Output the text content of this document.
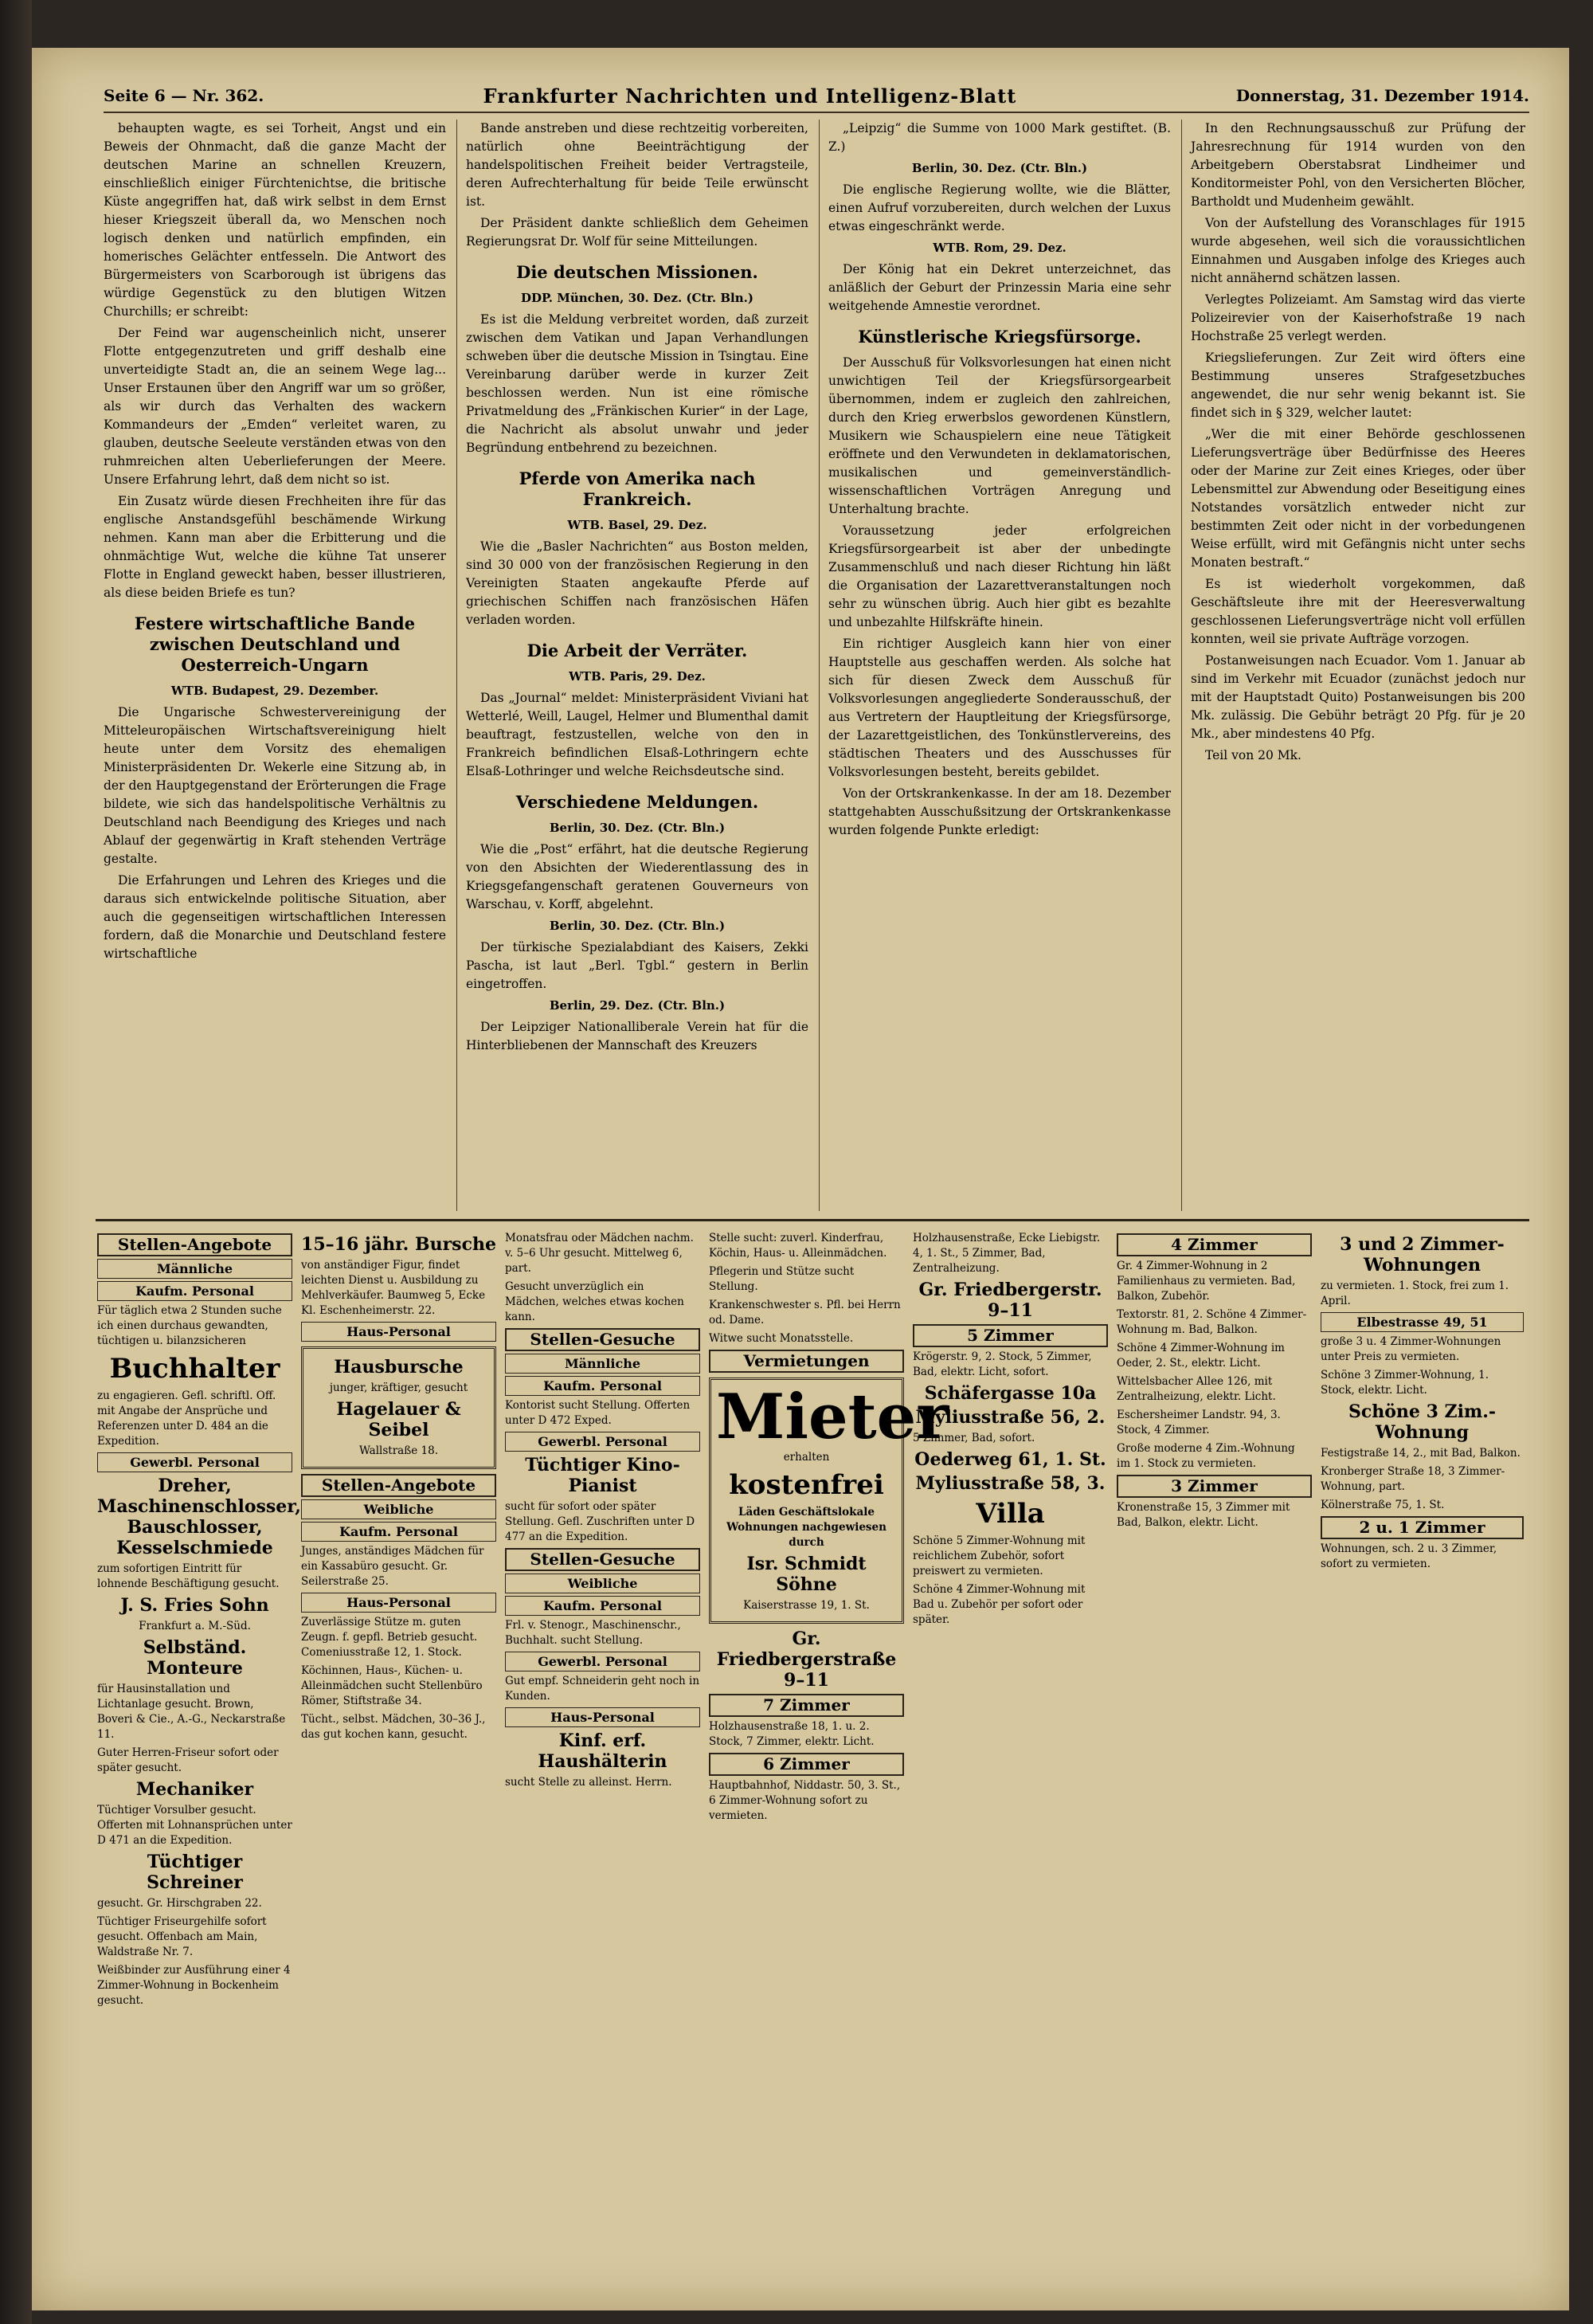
Seite 6 — Nr. 362.	Frankfurter Nachrichten und Intelligenz-Blatt	Donnerstag, 31. Dezember 1914.

behaupten wagte, es sei Torheit, Angst und ein Beweis der Ohnmacht, daß die ganze Macht der deutschen Marine an schnellen Kreuzern, einschließlich einiger Fürchtenichtse, die britische Küste angegriffen hat, daß wirk selbst in dem Ernst hieser Kriegszeit überall da, wo Menschen noch logisch denken und natürlich empfinden, ein homerisches Gelächter entfesseln. Die Antwort des Bürgermeisters von Scarborough ist übrigens das würdige Gegenstück zu den blutigen Witzen Churchills; er schreibt:

Der Feind war augenscheinlich nicht, unserer Flotte entgegenzutreten und griff deshalb eine unverteidigte Stadt an, die an seinem Wege lag... Unser Erstaunen über den Angriff war um so größer, als wir durch das Verhalten des wackern Kommandeurs der „Emden“ verleitet waren, zu glauben, deutsche Seeleute verständen etwas von den ruhmreichen alten Ueberlieferungen der Meere. Unsere Erfahrung lehrt, daß dem nicht so ist.

Ein Zusatz würde diesen Frechheiten ihre für das englische Anstandsgefühl beschämende Wirkung nehmen. Kann man aber die Erbitterung und die ohnmächtige Wut, welche die kühne Tat unserer Flotte in England geweckt haben, besser illustrieren, als diese beiden Briefe es tun?

Festere wirtschaftliche Bande zwischen Deutschland und Oesterreich-Ungarn
WTB. Budapest, 29. Dezember.

Die Ungarische Schwestervereinigung der Mitteleuropäischen Wirtschaftsvereinigung hielt heute unter dem Vorsitz des ehemaligen Ministerpräsidenten Dr. Wekerle eine Sitzung ab, in der den Hauptgegenstand der Erörterungen die Frage bildete, wie sich das handelspolitische Verhältnis zu Deutschland nach Beendigung des Krieges und nach Ablauf der gegenwärtig in Kraft stehenden Verträge gestalte.

Die Erfahrungen und Lehren des Krieges und die daraus sich entwickelnde politische Situation, aber auch die gegenseitigen wirtschaftlichen Interessen fordern, daß die Monarchie und Deutschland festere wirtschaftliche

Bande anstreben und diese rechtzeitig vorbereiten, natürlich ohne Beeinträchtigung der handelspolitischen Freiheit beider Vertragsteile, deren Aufrechterhaltung für beide Teile erwünscht ist.

Der Präsident dankte schließlich dem Geheimen Regierungsrat Dr. Wolf für seine Mitteilungen.

Die deutschen Missionen.
DDP. München, 30. Dez. (Ctr. Bln.)

Es ist die Meldung verbreitet worden, daß zurzeit zwischen dem Vatikan und Japan Verhandlungen schweben über die deutsche Mission in Tsingtau. Eine Vereinbarung darüber werde in kurzer Zeit beschlossen werden. Nun ist eine römische Privatmeldung des „Fränkischen Kurier“ in der Lage, die Nachricht als absolut unwahr und jeder Begründung entbehrend zu bezeichnen.

Pferde von Amerika nach Frankreich.
WTB. Basel, 29. Dez.

Wie die „Basler Nachrichten“ aus Boston melden, sind 30 000 von der französischen Regierung in den Vereinigten Staaten angekaufte Pferde auf griechischen Schiffen nach französischen Häfen verladen worden.

Die Arbeit der Verräter.
WTB. Paris, 29. Dez.

Das „Journal“ meldet: Ministerpräsident Viviani hat Wetterlé, Weill, Laugel, Helmer und Blumenthal damit beauftragt, festzustellen, welche von den in Frankreich befindlichen Elsaß-Lothringern echte Elsaß-Lothringer und welche Reichsdeutsche sind.

Verschiedene Meldungen.
Berlin, 30. Dez. (Ctr. Bln.)

Wie die „Post“ erfährt, hat die deutsche Regierung von den Absichten der Wiederentlassung des in Kriegsgefangenschaft geratenen Gouverneurs von Warschau, v. Korff, abgelehnt.

Berlin, 30. Dez. (Ctr. Bln.)

Der türkische Spezialabdiant des Kaisers, Zekki Pascha, ist laut „Berl. Tgbl.“ gestern in Berlin eingetroffen.

Berlin, 29. Dez. (Ctr. Bln.)

Der Leipziger Nationalliberale Verein hat für die Hinterbliebenen der Mannschaft des Kreuzers

„Leipzig“ die Summe von 1000 Mark gestiftet. (B. Z.)

Berlin, 30. Dez. (Ctr. Bln.)

Die englische Regierung wollte, wie die Blätter, einen Aufruf vorzubereiten, durch welchen der Luxus etwas eingeschränkt werde.

WTB. Rom, 29. Dez.

Der König hat ein Dekret unterzeichnet, das anläßlich der Geburt der Prinzessin Maria eine sehr weitgehende Amnestie verordnet.

Künstlerische Kriegsfürsorge.

Der Ausschuß für Volksvorlesungen hat einen nicht unwichtigen Teil der Kriegsfürsorgearbeit übernommen, indem er zugleich den zahlreichen, durch den Krieg erwerbslos gewordenen Künstlern, Musikern wie Schauspielern eine neue Tätigkeit eröffnete und den Verwundeten in deklamatorischen, musikalischen und gemeinverständlich-wissenschaftlichen Vorträgen Anregung und Unterhaltung brachte.

Voraussetzung jeder erfolgreichen Kriegsfürsorgearbeit ist aber der unbedingte Zusammenschluß und nach dieser Richtung hin läßt die Organisation der Lazarettveranstaltungen noch sehr zu wünschen übrig. Auch hier gibt es bezahlte und unbezahlte Hilfskräfte hinein.

Ein richtiger Ausgleich kann hier von einer Hauptstelle aus geschaffen werden. Als solche hat sich für diesen Zweck dem Ausschuß für Volksvorlesungen angegliederte Sonderausschuß, der aus Vertretern der Hauptleitung der Kriegsfürsorge, der Lazarettgeistlichen, des Tonkünstlervereins, des städtischen Theaters und des Ausschusses für Volksvorlesungen besteht, bereits gebildet.

Von der Ortskrankenkasse. In der am 18. Dezember stattgehabten Ausschußsitzung der Ortskrankenkasse wurden folgende Punkte erledigt:

In den Rechnungsausschuß zur Prüfung der Jahresrechnung für 1914 wurden von den Arbeitgebern Oberstabsrat Lindheimer und Konditormeister Pohl, von den Versicherten Blöcher, Bartholdt und Mudenheim gewählt.

Von der Aufstellung des Voranschlages für 1915 wurde abgesehen, weil sich die voraussichtlichen Einnahmen und Ausgaben infolge des Krieges auch nicht annähernd schätzen lassen.

Verlegtes Polizeiamt. Am Samstag wird das vierte Polizeirevier von der Kaiserhofstraße 19 nach Hochstraße 25 verlegt werden.

Kriegslieferungen. Zur Zeit wird öfters eine Bestimmung unseres Strafgesetzbuches angewendet, die nur sehr wenig bekannt ist. Sie findet sich in § 329, welcher lautet:

„Wer die mit einer Behörde geschlossenen Lieferungsverträge über Bedürfnisse des Heeres oder der Marine zur Zeit eines Krieges, oder über Lebensmittel zur Abwendung oder Beseitigung eines Notstandes vorsätzlich entweder nicht zur bestimmten Zeit oder nicht in der vorbedungenen Weise erfüllt, wird mit Gefängnis nicht unter sechs Monaten bestraft.“

Es ist wiederholt vorgekommen, daß Geschäftsleute ihre mit der Heeresverwaltung geschlossenen Lieferungsverträge nicht voll erfüllen konnten, weil sie private Aufträge vorzogen.

Postanweisungen nach Ecuador. Vom 1. Januar ab sind im Verkehr mit Ecuador (zunächst jedoch nur mit der Hauptstadt Quito) Postanweisungen bis 200 Mk. zulässig. Die Gebühr beträgt 20 Pfg. für je 20 Mk., aber mindestens 40 Pfg.

Teil von 20 Mk.

Stellen-Angebote
Männliche
Kaufm. Personal

Für täglich etwa 2 Stunden suche ich einen durchaus gewandten, tüchtigen u. bilanzsicheren

Buchhalter

zu engagieren. Gefl. schriftl. Off. mit Angabe der Ansprüche und Referenzen unter D. 484 an die Expedition.

Gewerbl. Personal
Dreher, Maschinenschlosser, Bauschlosser, Kesselschmiede

zum sofortigen Eintritt für lohnende Beschäftigung gesucht.

J. S. Fries Sohn

Frankfurt a. M.-Süd.

Selbständ. Monteure

für Hausinstallation und Lichtanlage gesucht. Brown, Boveri & Cie., A.-G., Neckarstraße 11.

Guter Herren-Friseur sofort oder später gesucht.

Mechaniker

Tüchtiger Vorsulber gesucht. Offerten mit Lohnansprüchen unter D 471 an die Expedition.

Tüchtiger Schreiner

gesucht. Gr. Hirschgraben 22.

Tüchtiger Friseurgehilfe sofort gesucht. Offenbach am Main, Waldstraße Nr. 7.

Weißbinder zur Ausführung einer 4 Zimmer-Wohnung in Bockenheim gesucht.

15–16 jähr. Bursche

von anständiger Figur, findet leichten Dienst u. Ausbildung zu Mehlverkäufer. Baumweg 5, Ecke Kl. Eschenheimerstr. 22.

Haus-Personal
Hausbursche

junger, kräftiger, gesucht

Hagelauer & Seibel

Wallstraße 18.

Stellen-Angebote
Weibliche
Kaufm. Personal

Junges, anständiges Mädchen für ein Kassabüro gesucht. Gr. Seilerstraße 25.

Haus-Personal

Zuverlässige Stütze m. guten Zeugn. f. gepfl. Betrieb gesucht. Comeniusstraße 12, 1. Stock.

Köchinnen, Haus-, Küchen- u. Alleinmädchen sucht Stellenbüro Römer, Stiftstraße 34.

Tücht., selbst. Mädchen, 30–36 J., das gut kochen kann, gesucht.

Monatsfrau oder Mädchen nachm. v. 5–6 Uhr gesucht. Mittelweg 6, part.

Gesucht unverzüglich ein Mädchen, welches etwas kochen kann.

Stellen-Gesuche
Männliche
Kaufm. Personal

Kontorist sucht Stellung. Offerten unter D 472 Exped.

Gewerbl. Personal
Tüchtiger Kino-Pianist

sucht für sofort oder später Stellung. Gefl. Zuschriften unter D 477 an die Expedition.

Stellen-Gesuche
Weibliche
Kaufm. Personal

Frl. v. Stenogr., Maschinenschr., Buchhalt. sucht Stellung.

Gewerbl. Personal

Gut empf. Schneiderin geht noch in Kunden.

Haus-Personal
Kinf. erf. Haushälterin

sucht Stelle zu alleinst. Herrn.

Stelle sucht: zuverl. Kinderfrau, Köchin, Haus- u. Alleinmädchen.

Pflegerin und Stütze sucht Stellung.

Krankenschwester s. Pfl. bei Herrn od. Dame.

Witwe sucht Monatsstelle.

Vermietungen
Mieter

erhalten

kostenfrei

Läden Geschäftslokale Wohnungen nachgewiesen durch

Isr. Schmidt Söhne

Kaiserstrasse 19, 1. St.

Gr. Friedbergerstraße 9–11
7 Zimmer

Holzhausenstraße 18, 1. u. 2. Stock, 7 Zimmer, elektr. Licht.

6 Zimmer

Hauptbahnhof, Niddastr. 50, 3. St., 6 Zimmer-Wohnung sofort zu vermieten.

Holzhausenstraße, Ecke Liebigstr. 4, 1. St., 5 Zimmer, Bad, Zentralheizung.

Gr. Friedbergerstr. 9–11
5 Zimmer

Krögerstr. 9, 2. Stock, 5 Zimmer, Bad, elektr. Licht, sofort.

Schäfergasse 10a
Myliusstraße 56, 2.

5 Zimmer, Bad, sofort.

Oederweg 61, 1. St.
Myliusstraße 58, 3.
Villa

Schöne 5 Zimmer-Wohnung mit reichlichem Zubehör, sofort preiswert zu vermieten.

Schöne 4 Zimmer-Wohnung mit Bad u. Zubehör per sofort oder später.

4 Zimmer

Gr. 4 Zimmer-Wohnung in 2 Familienhaus zu vermieten. Bad, Balkon, Zubehör.

Textorstr. 81, 2. Schöne 4 Zimmer-Wohnung m. Bad, Balkon.

Schöne 4 Zimmer-Wohnung im Oeder, 2. St., elektr. Licht.

Wittelsbacher Allee 126, mit Zentralheizung, elektr. Licht.

Eschersheimer Landstr. 94, 3. Stock, 4 Zimmer.

Große moderne 4 Zim.-Wohnung im 1. Stock zu vermieten.

3 Zimmer

Kronenstraße 15, 3 Zimmer mit Bad, Balkon, elektr. Licht.

3 und 2 Zimmer-Wohnungen

zu vermieten. 1. Stock, frei zum 1. April.

Elbestrasse 49, 51

große 3 u. 4 Zimmer-Wohnungen unter Preis zu vermieten.

Schöne 3 Zimmer-Wohnung, 1. Stock, elektr. Licht.

Schöne 3 Zim.-Wohnung

Festigstraße 14, 2., mit Bad, Balkon.

Kronberger Straße 18, 3 Zimmer-Wohnung, part.

Kölnerstraße 75, 1. St.

2 u. 1 Zimmer

Wohnungen, sch. 2 u. 3 Zimmer, sofort zu vermieten.
